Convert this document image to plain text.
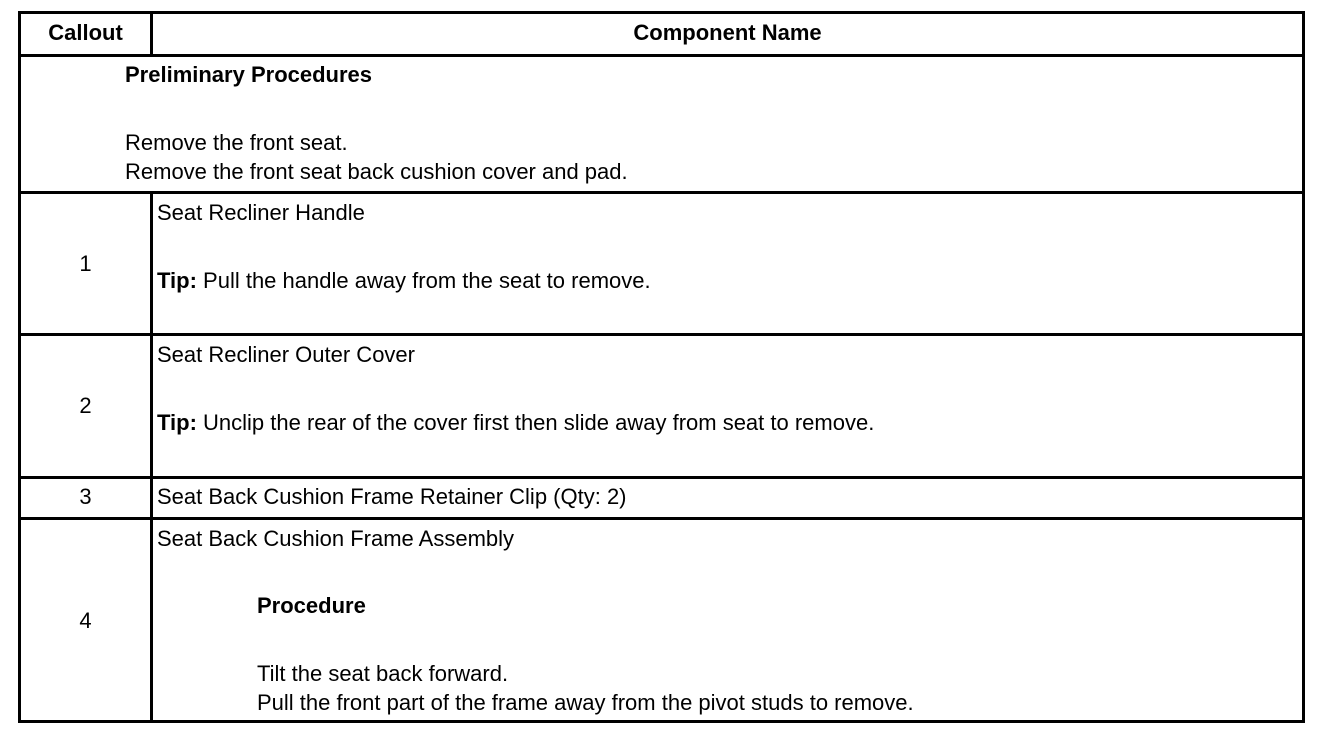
Callout	Component Name
Preliminary Procedures
Remove the front seat.
Remove the front seat back cushion cover and pad.
1
Seat Recliner Handle
Tip: Pull the handle away from the seat to remove.
2
Seat Recliner Outer Cover
Tip: Unclip the rear of the cover first then slide away from seat to remove.
3	Seat Back Cushion Frame Retainer Clip (Qty: 2)
4
Seat Back Cushion Frame Assembly
Procedure
Tilt the seat back forward.
Pull the front part of the frame away from the pivot studs to remove.
